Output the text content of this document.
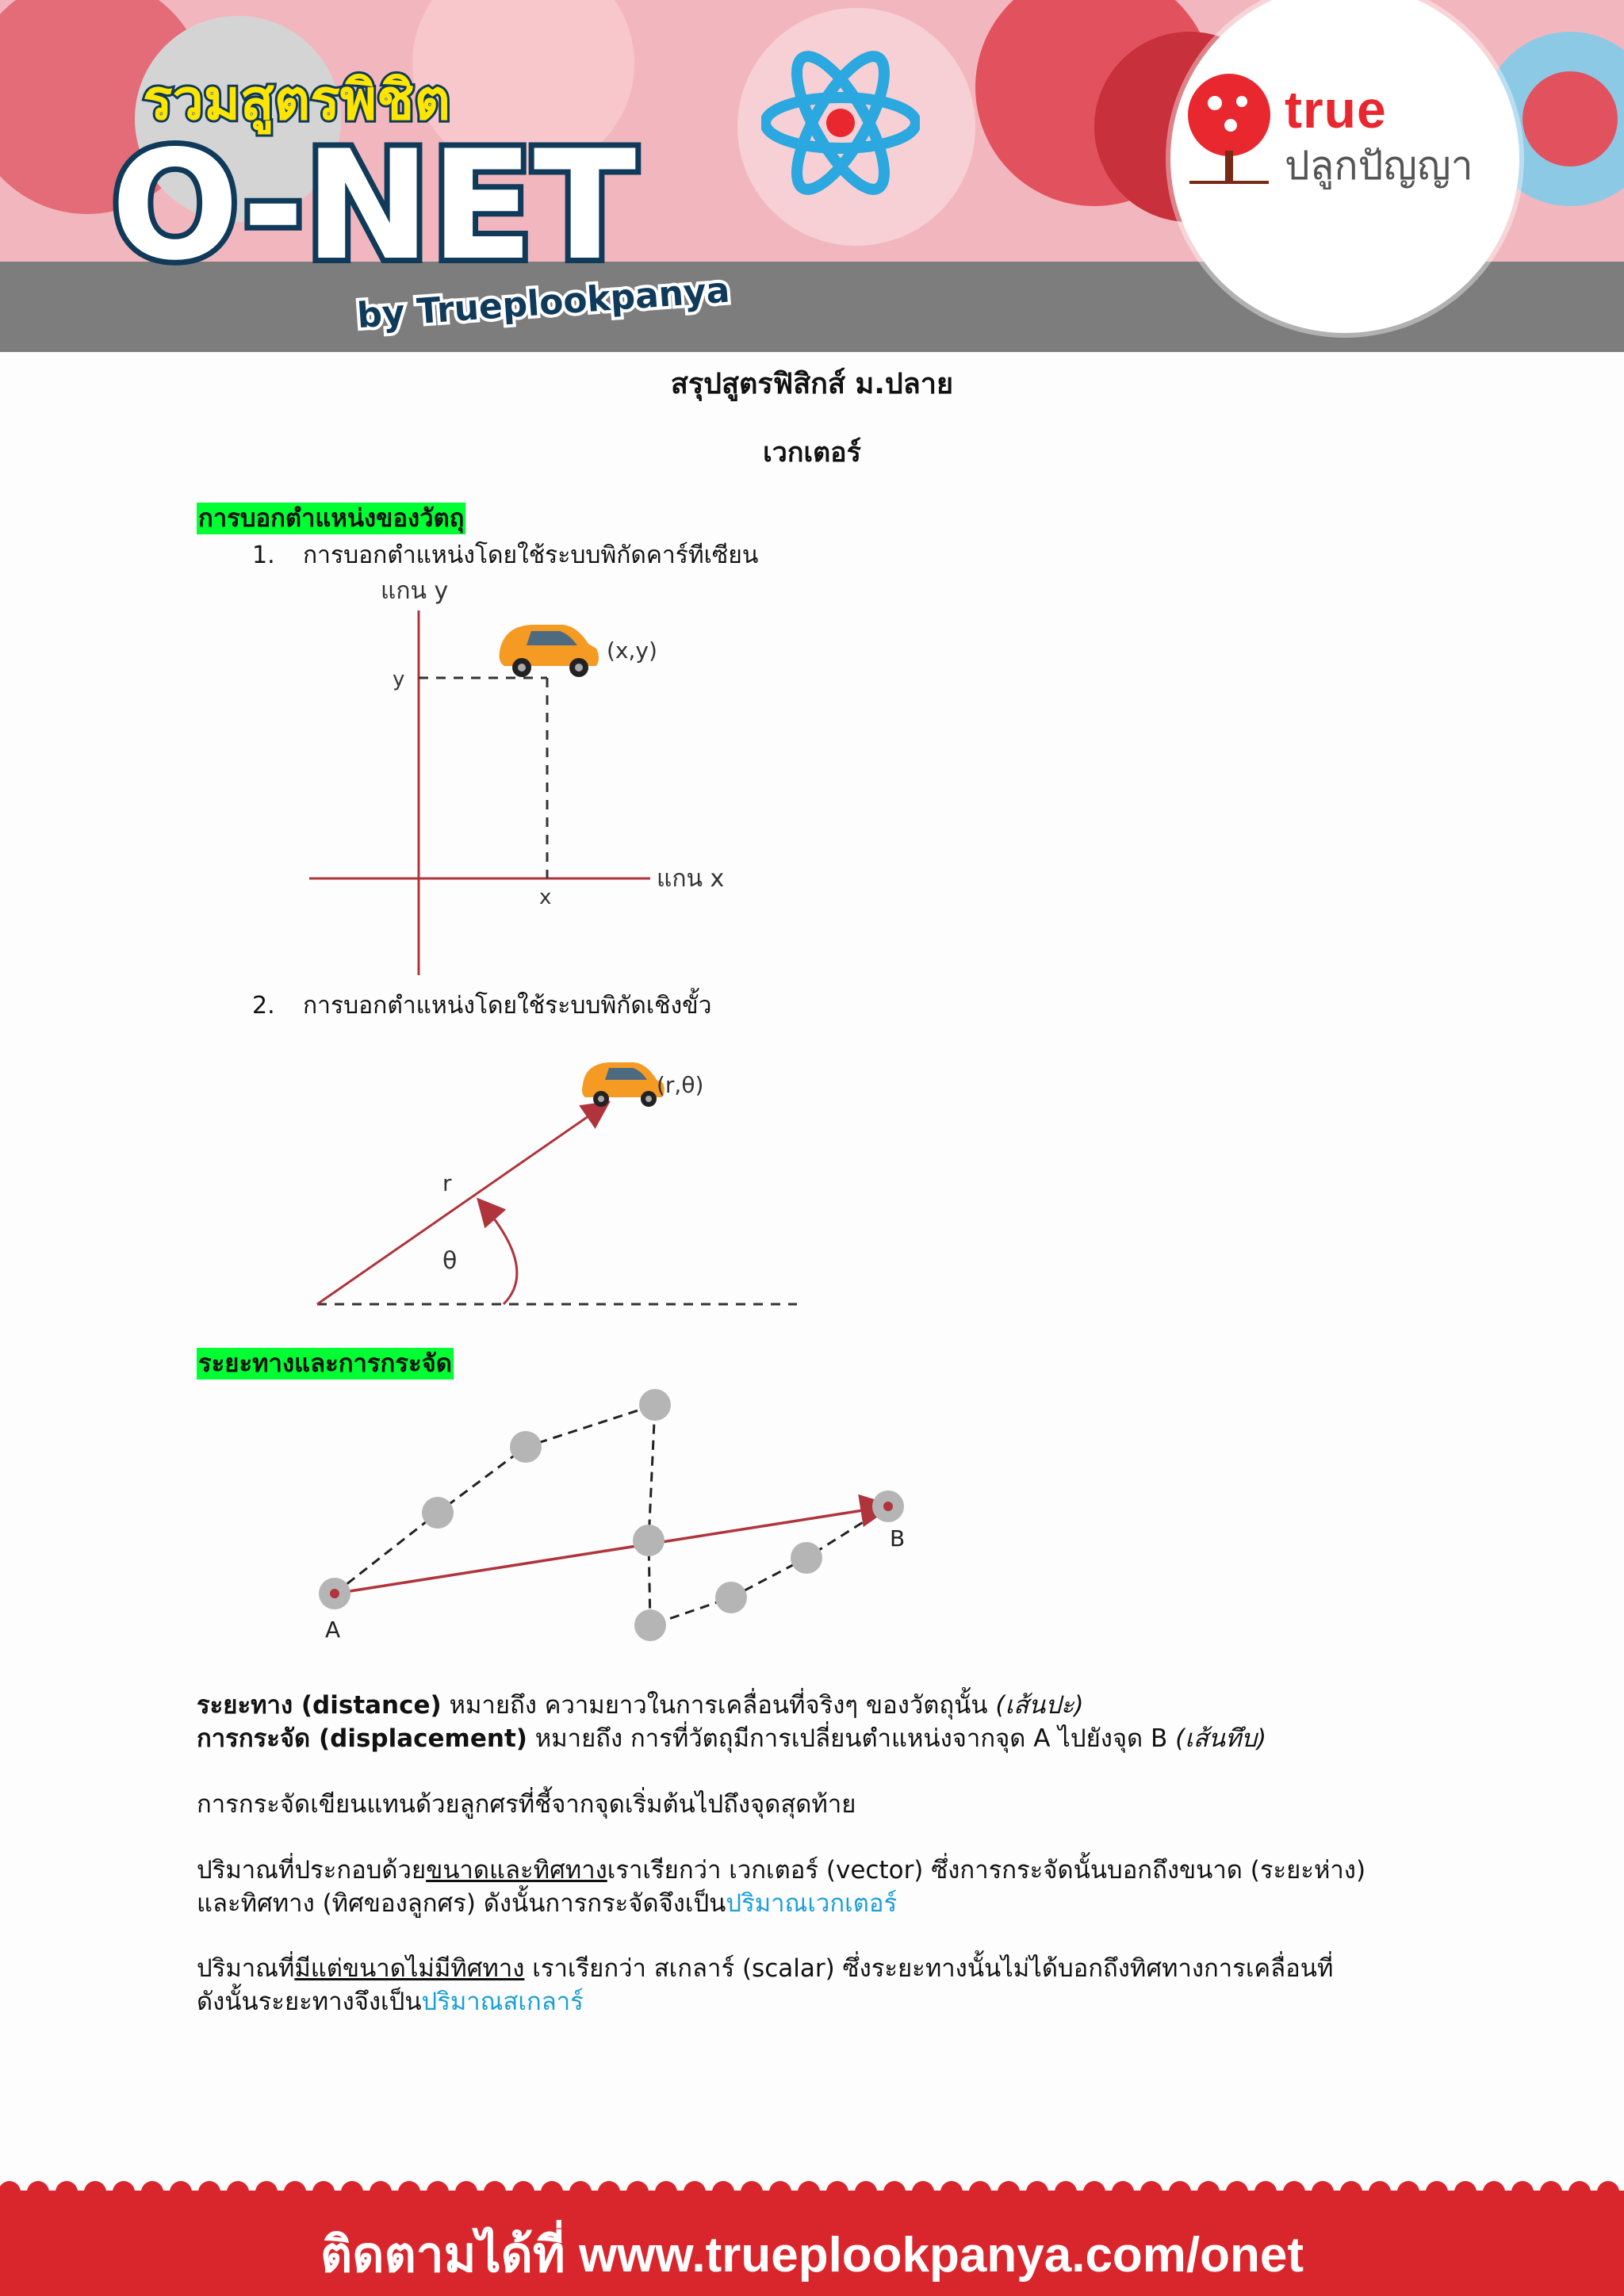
รวมสูตรพิชิต
O-NET
by Trueplookpanya
true
ปลูกปัญญา
สรุปสูตรฟิสิกส์ ม.ปลาย
เวกเตอร์
การบอกตำแหน่งของวัตถุ
1. การบอกตำแหน่งโดยใช้ระบบพิกัดคาร์ทีเซียน
แกน y
แกน x
y
x
(x,y)
2. การบอกตำแหน่งโดยใช้ระบบพิกัดเชิงขั้ว
r
θ
(r,θ)
ระยะทางและการกระจัด
A
B
ระยะทาง (distance) หมายถึง ความยาวในการเคลื่อนที่จริงๆ ของวัตถุนั้น (เส้นปะ)
การกระจัด (displacement) หมายถึง การที่วัตถุมีการเปลี่ยนตำแหน่งจากจุด A ไปยังจุด B (เส้นทึบ)
การกระจัดเขียนแทนด้วยลูกศรที่ชี้จากจุดเริ่มต้นไปถึงจุดสุดท้าย
ปริมาณที่ประกอบด้วยขนาดและทิศทางเราเรียกว่า เวกเตอร์ (vector) ซึ่งการกระจัดนั้นบอกถึงขนาด (ระยะห่าง)
และทิศทาง (ทิศของลูกศร) ดังนั้นการกระจัดจึงเป็นปริมาณเวกเตอร์
ปริมาณที่มีแต่ขนาดไม่มีทิศทาง เราเรียกว่า สเกลาร์ (scalar) ซึ่งระยะทางนั้นไม่ได้บอกถึงทิศทางการเคลื่อนที่
ดังนั้นระยะทางจึงเป็นปริมาณสเกลาร์
ติดตามได้ที่ www.trueplookpanya.com/onet
